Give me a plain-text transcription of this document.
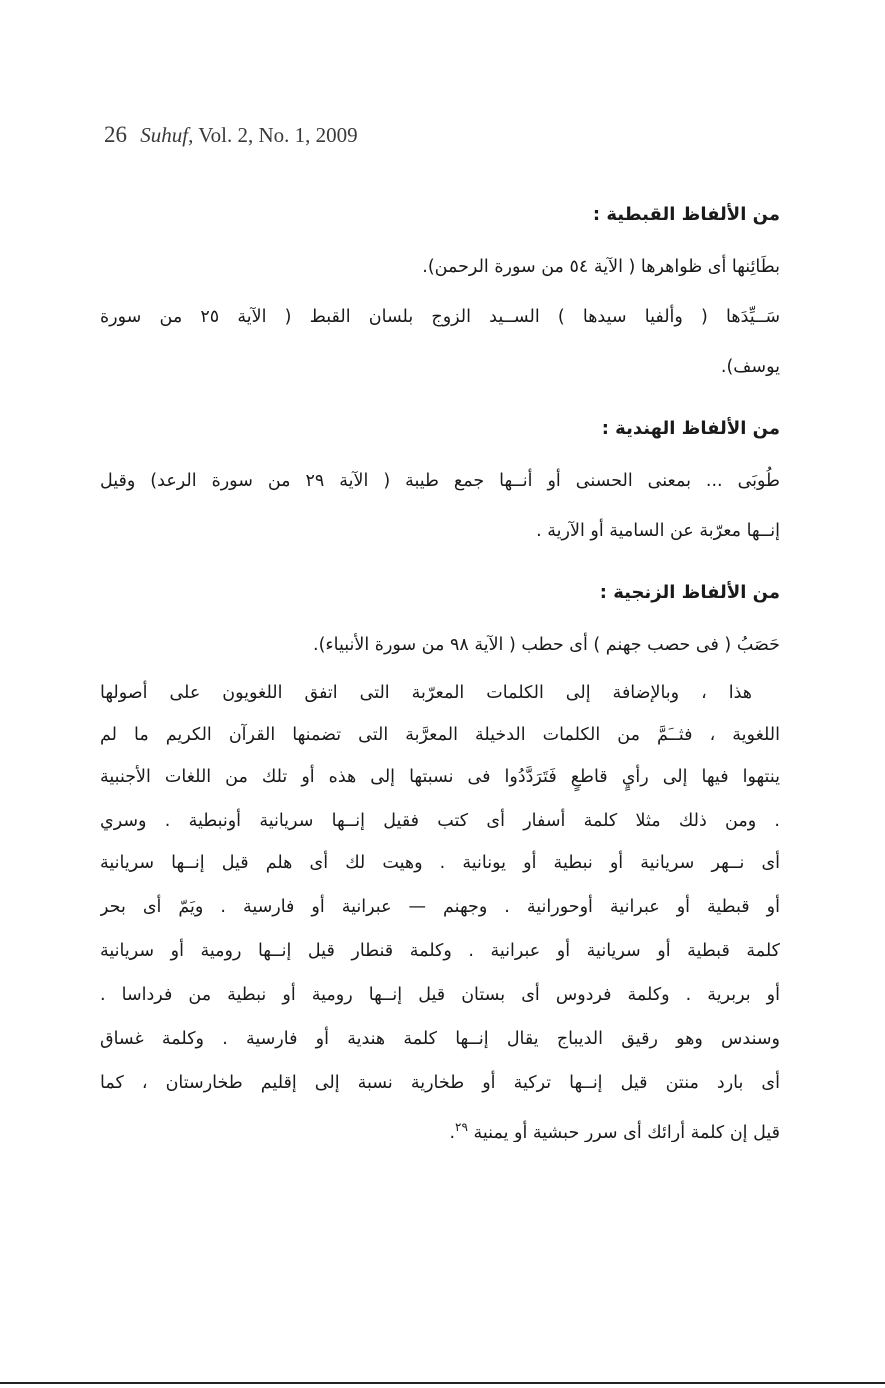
26 Suhuf, Vol. 2, No. 1, 2009
من الألفاظ القبطية :
بطَائِنها أى ظواهرها ( الآية ٥٤ من سورة الرحمن).
سَــيِّدَها ( وألفيا سيدها ) الســيد الزوج بلسان القبط ( الآية ٢٥ من سورة
يوسف).
من الألفاظ الهندية :
طُوبَى ... بمعنى الحسنى أو أنــها جمع طيبة ( الآية ٢٩ من سورة الرعد) وقيل
إنــها معرّبة عن السامية أو الآرية .
من الألفاظ الزنجية :
حَصَبُ ( فى حصب جهنم ) أى حطب ( الآية ٩٨ من سورة الأنبياء).
هذا ، وبالإضافة إلى الكلمات المعرّبة التى اتفق اللغويون على أصولها
اللغوية ، فثــَمَّ من الكلمات الدخيلة المعرَّبة التى تضمنها القرآن الكريم ما لم
ينتهوا فيها إلى رأيٍ قاطعٍ فَتَرَدَّدُوا فى نسبتها إلى هذه أو تلك من اللغات الأجنبية
. ومن ذلك مثلا كلمة أسفار أى كتب فقيل إنــها سريانية أونبطية . وسري
أى نــهر سريانية أو نبطية أو يونانية . وهيت لك أى هلم قيل إنــها سريانية
أو قبطية أو عبرانية أوحورانية . وجهنم — عبرانية أو فارسية . ويَمّ أى بحر
كلمة قبطية أو سريانية أو عبرانية . وكلمة قنطار قيل إنــها رومية أو سريانية
أو بربرية . وكلمة فردوس أى بستان قيل إنــها رومية أو نبطية من فرداسا .
وسندس وهو رقيق الديباج يقال إنــها كلمة هندية أو فارسية . وكلمة غساق
أى بارد منتن قيل إنــها تركية أو طخارية نسبة إلى إقليم طخارستان ، كما
قيل إن كلمة أرائك أى سرر حبشية أو يمنية $^{٢٩}$.
